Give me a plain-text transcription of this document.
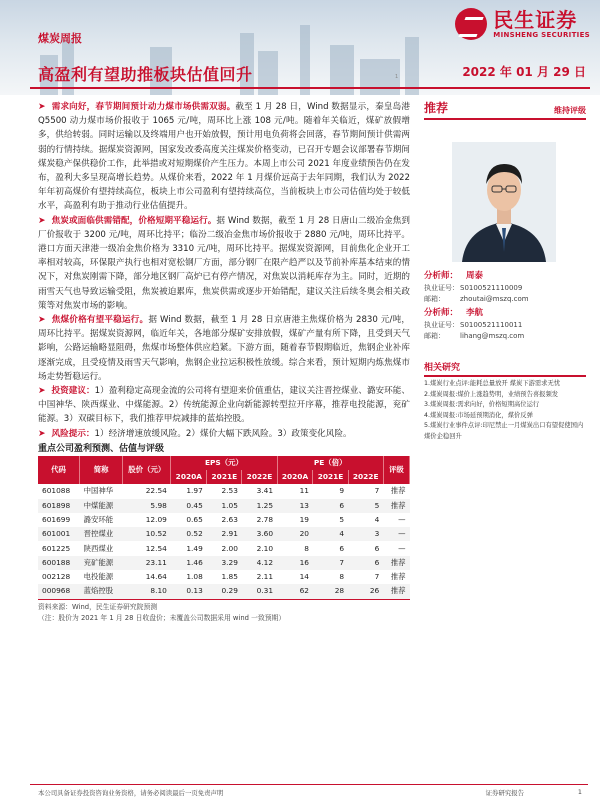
民生证券
MINSHENG SECURITIES
煤炭周报
高盈利有望助推板块估值回升	2022 年 01 月 29 日
1
➤ 需求向好，春节期间预计动力煤市场供需双弱。截至 1 月 28 日，Wind 数据显示，秦皇岛港 Q5500 动力煤市场价报收于 1065 元/吨，周环比上涨 108 元/吨。随着年关临近，煤矿放假增多，供给转弱。同时运输以及终端用户也开始放假，预计用电负荷将会回落，春节期间预计供需两弱的行情持续。据煤炭资源网，国家发改委高度关注煤炭价格变动，已召开专题会议部署春节期间煤炭稳产保供稳价工作，此举措或对短期煤价产生压力。本周上市公司 2021 年度业绩预告仍在发布，盈利大多呈现高增长趋势。从煤价来看，2022 年 1 月煤价远高于去年同期，我们认为 2022 年年初高煤价有望持续高位，板块上市公司盈利有望持续高位，当前板块上市公司估值均处于较低水平，高盈利有助于推动行业估值提升。
➤ 焦炭或面临供需错配，价格短期平稳运行。据 Wind 数据，截至 1 月 28 日唐山二级冶金焦到厂价报收于 3200 元/吨，周环比持平；临汾二级冶金焦市场价报收于 2880 元/吨，周环比持平。港口方面天津港一级冶金焦价格为 3310 元/吨，周环比持平。据煤炭资源网，目前焦化企业开工率相对较高，环保限产执行也相对宽松钢厂方面，部分钢厂在限产趋严以及节前补库基本结束的情况下，对焦炭刚需下降，部分地区钢厂高炉已有停产情况，对焦炭以消耗库存为主。同时，近期的雨雪天气也导致运输受阻，焦炭被迫累库，焦炭供需或逐步开始错配，建议关注后续冬奥会相关政策等对焦炭市场的影响。
➤ 焦煤价格有望平稳运行。据 Wind 数据，截至 1 月 28 日京唐港主焦煤价格为 2830 元/吨，周环比持平。据煤炭资源网，临近年关，各地部分煤矿安排放假，煤矿产量有所下降，且受到天气影响，公路运输略显阻碍，焦煤市场整体供应趋紧。下游方面，随着春节假期临近，焦钢企业补库逐渐完成，且受疫情及雨雪天气影响，焦钢企业拉运积极性放缓。综合来看，预计短期内炼焦煤市场走势暂稳运行。
➤ 投资建议：1）盈利稳定高现金流的公司将有望迎来价值重估，建议关注晋控煤业、潞安环能、中国神华、陕西煤业、中煤能源。2）传统能源企业向新能源转型拉开序幕，推荐电投能源，兖矿能源。3）双碳目标下，我们推荐甲烷减排的蓝焰控股。
➤ 风险提示：1）经济增速放缓风险。2）煤价大幅下跌风险。3）政策变化风险。
重点公司盈利预测、估值与评级
代码	简称	股价（元）	EPS（元）			PE（倍）			评级
			2020A	2021E	2022E	2020A	2021E	2022E	
601088	中国神华	22.54	1.97	2.53	3.41	11	9	7	推荐
601898	中煤能源	5.98	0.45	1.05	1.25	13	6	5	推荐
601699	潞安环能	12.09	0.65	2.63	2.78	19	5	4	—
601001	晋控煤业	10.52	0.52	2.91	3.60	20	4	3	—
601225	陕西煤业	12.54	1.49	2.00	2.10	8	6	6	—
600188	兖矿能源	23.11	1.46	3.29	4.12	16	7	6	推荐
002128	电投能源	14.64	1.08	1.85	2.11	14	8	7	推荐
000968	蓝焰控股	8.10	0.13	0.29	0.31	62	28	26	推荐
资料来源：Wind，民生证券研究院预测
（注：股价为 2021 年 1 月 28 日收盘价；未覆盖公司数据采用 wind 一致预期）
推荐	维持评级
分析师： 周泰
执业证号：S0100521110009
邮箱： zhoutai@mszq.com
分析师： 李航
执业证号：S0100521110011
邮箱： lihang@mszq.com
相关研究
1.煤炭行业点评:能耗总量放开 煤炭下游需求无忧
2.煤炭周报:煤价上涨趋势明，业绩预告喜报频发
3.煤炭周报:需求向好，价格短期高位运行
4.煤炭周报:市场延预期消化，煤价反弹
5.煤炭行业事件点评:印尼禁止一月煤炭出口有望促使国内煤价企稳回升
本公司具备证券投资咨询业务资格，请务必阅读最后一页免责声明	证券研究报告	1
